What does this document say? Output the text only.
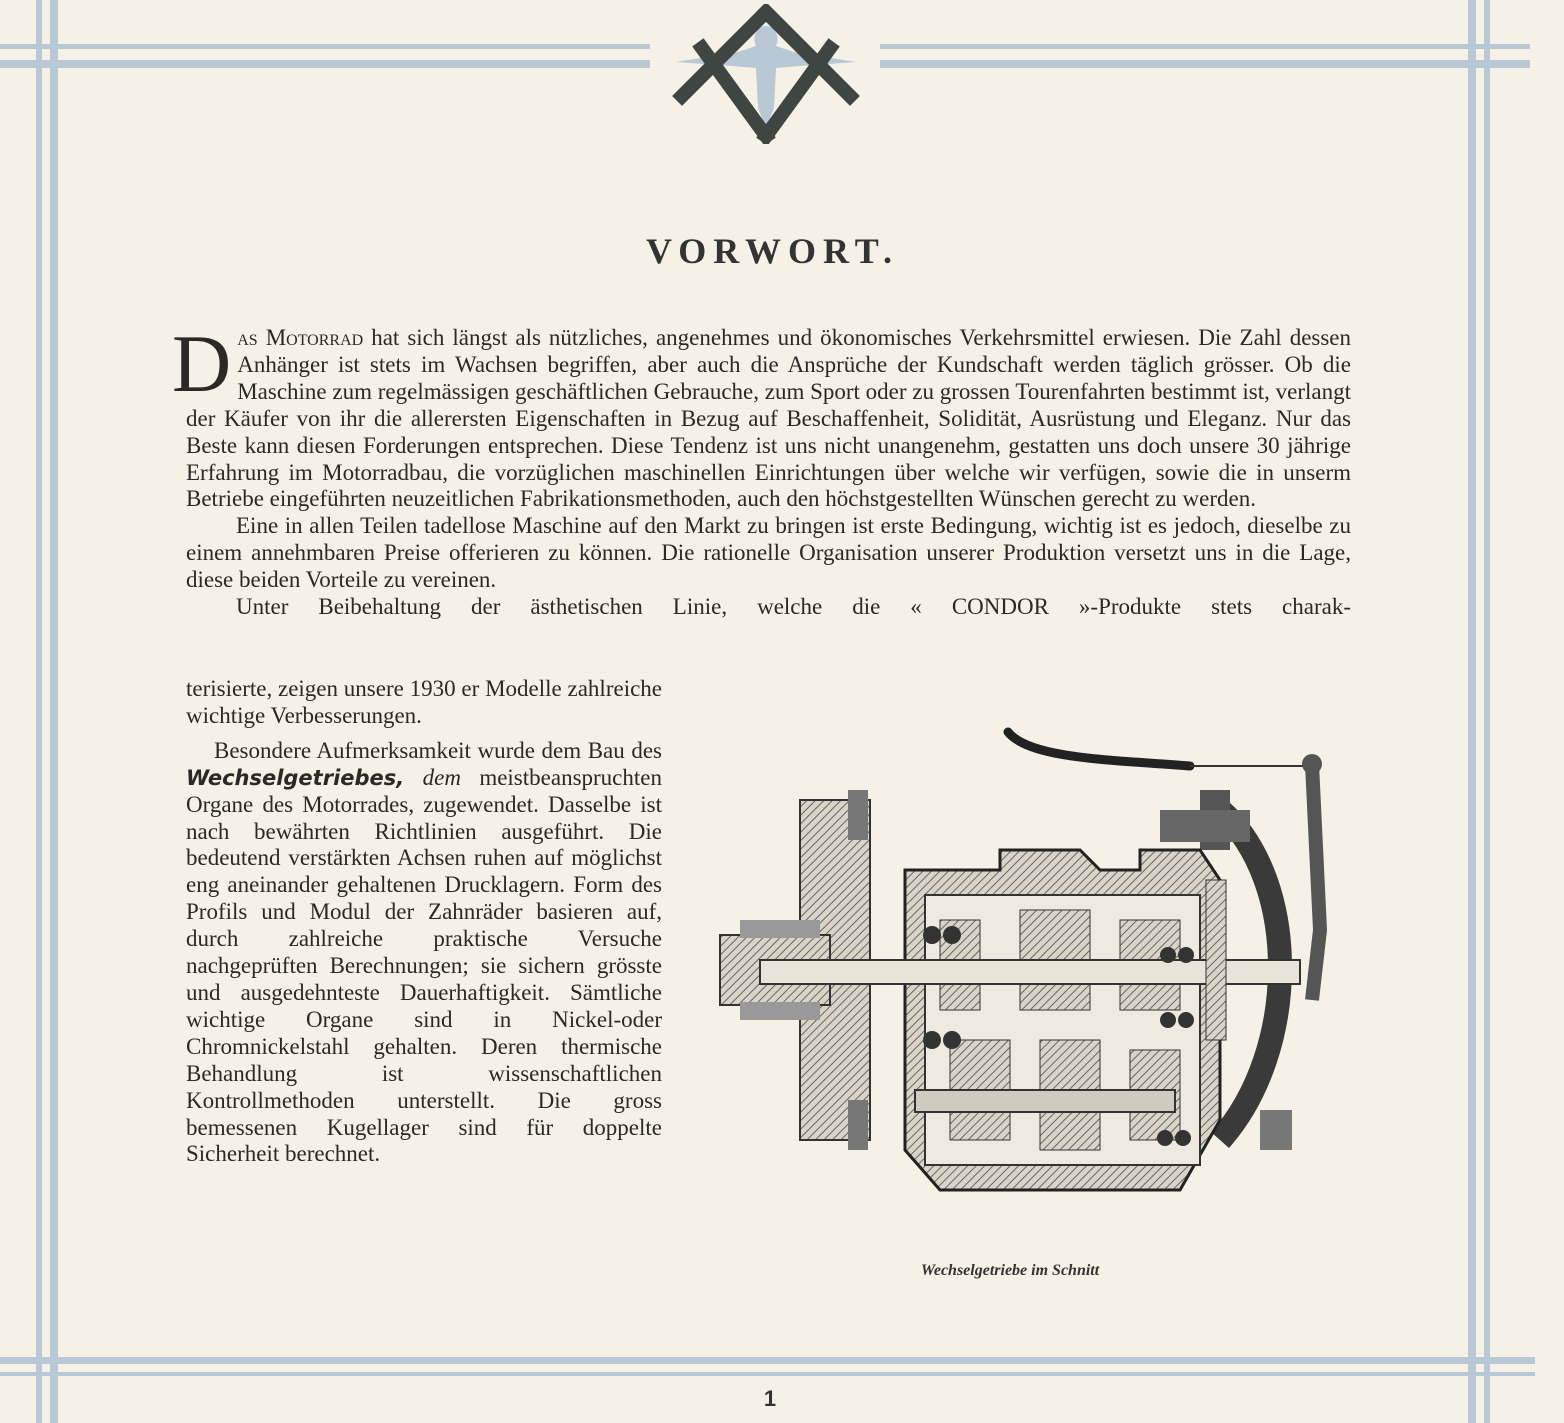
VORWORT.

Das Motorrad hat sich längst als nützliches, angenehmes und ökonomisches Verkehrsmittel erwiesen. Die Zahl dessen Anhänger ist stets im Wachsen begriffen, aber auch die Ansprüche der Kundschaft werden täglich grösser. Ob die Maschine zum regelmässigen geschäftlichen Gebrauche, zum Sport oder zu grossen Tourenfahrten bestimmt ist, verlangt der Käufer von ihr die allerersten Eigenschaften in Bezug auf Beschaffenheit, Solidität, Ausrüstung und Eleganz. Nur das Beste kann diesen Forderungen entsprechen. Diese Tendenz ist uns nicht unangenehm, gestatten uns doch unsere 30 jährige Erfahrung im Motorradbau, die vorzüglichen maschinellen Einrichtungen über welche wir verfügen, sowie die in unserm Betriebe eingeführten neuzeitlichen Fabrikationsmethoden, auch den höchstgestellten Wünschen gerecht zu werden.

Eine in allen Teilen tadellose Maschine auf den Markt zu bringen ist erste Bedingung, wichtig ist es jedoch, dieselbe zu einem annehmbaren Preise offerieren zu können. Die rationelle Organisation unserer Produktion versetzt uns in die Lage, diese beiden Vorteile zu vereinen.

Unter Beibehaltung der ästhetischen Linie, welche die « CONDOR »-Produkte stets charak-

terisierte, zeigen unsere 1930 er Modelle zahlreiche wichtige Verbesserungen.

Besondere Aufmerksamkeit wurde dem Bau des Wechselgetriebes, dem meistbeanspruchten Organe des Motorrades, zugewendet. Dasselbe ist nach bewährten Richtlinien ausgeführt. Die bedeutend verstärkten Achsen ruhen auf möglichst eng aneinander gehaltenen Drucklagern. Form des Profils und Modul der Zahnräder basieren auf, durch zahlreiche praktische Versuche nachgeprüften Berechnungen; sie sichern grösste und ausgedehnteste Dauerhaftigkeit. Sämtliche wichtige Organe sind in Nickel-oder Chromnickelstahl gehalten. Deren thermische Behandlung ist wissenschaftlichen Kontrollmethoden unterstellt. Die gross bemessenen Kugellager sind für doppelte Sicherheit berechnet.

Wechselgetriebe im Schnitt
1
